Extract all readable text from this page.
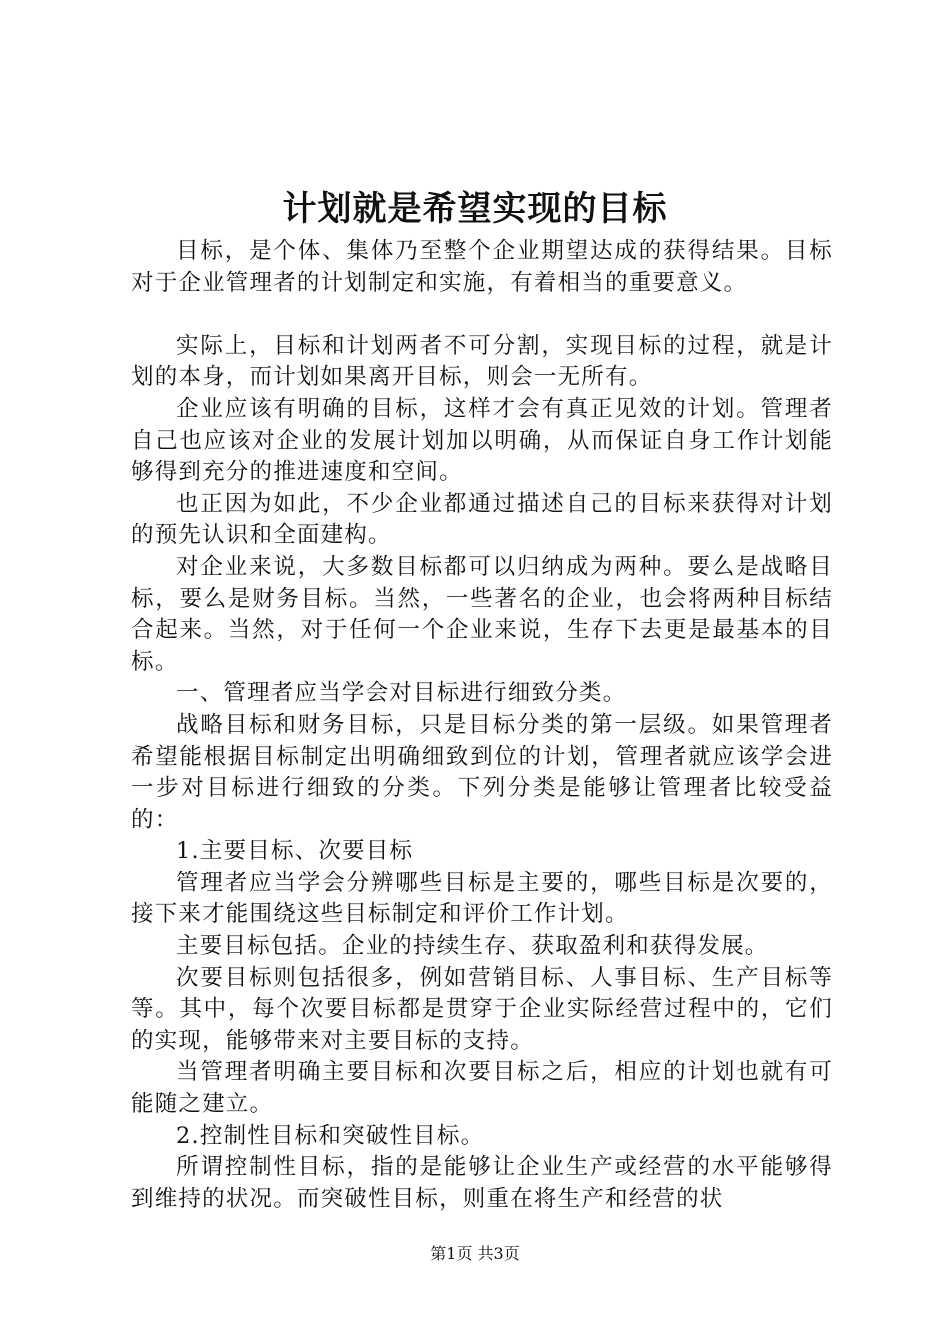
计划就是希望实现的目标

目标，是个体、集体乃至整个企业期望达成的获得结果。目标对于企业管理者的计划制定和实施，有着相当的重要意义。

实际上，目标和计划两者不可分割，实现目标的过程，就是计划的本身，而计划如果离开目标，则会一无所有。

企业应该有明确的目标，这样才会有真正见效的计划。管理者自己也应该对企业的发展计划加以明确，从而保证自身工作计划能够得到充分的推进速度和空间。

也正因为如此，不少企业都通过描述自己的目标来获得对计划的预先认识和全面建构。

对企业来说，大多数目标都可以归纳成为两种。要么是战略目标，要么是财务目标。当然，一些著名的企业，也会将两种目标结合起来。当然，对于任何一个企业来说，生存下去更是最基本的目标。

一、管理者应当学会对目标进行细致分类。

战略目标和财务目标，只是目标分类的第一层级。如果管理者希望能根据目标制定出明确细致到位的计划，管理者就应该学会进一步对目标进行细致的分类。下列分类是能够让管理者比较受益的：

1.主要目标、次要目标

管理者应当学会分辨哪些目标是主要的，哪些目标是次要的，接下来才能围绕这些目标制定和评价工作计划。

主要目标包括。企业的持续生存、获取盈利和获得发展。

次要目标则包括很多，例如营销目标、人事目标、生产目标等等。其中，每个次要目标都是贯穿于企业实际经营过程中的，它们的实现，能够带来对主要目标的支持。

当管理者明确主要目标和次要目标之后，相应的计划也就有可能随之建立。

2.控制性目标和突破性目标。

所谓控制性目标，指的是能够让企业生产或经营的水平能够得到维持的状况。而突破性目标，则重在将生产和经营的状

第1页 共3页
